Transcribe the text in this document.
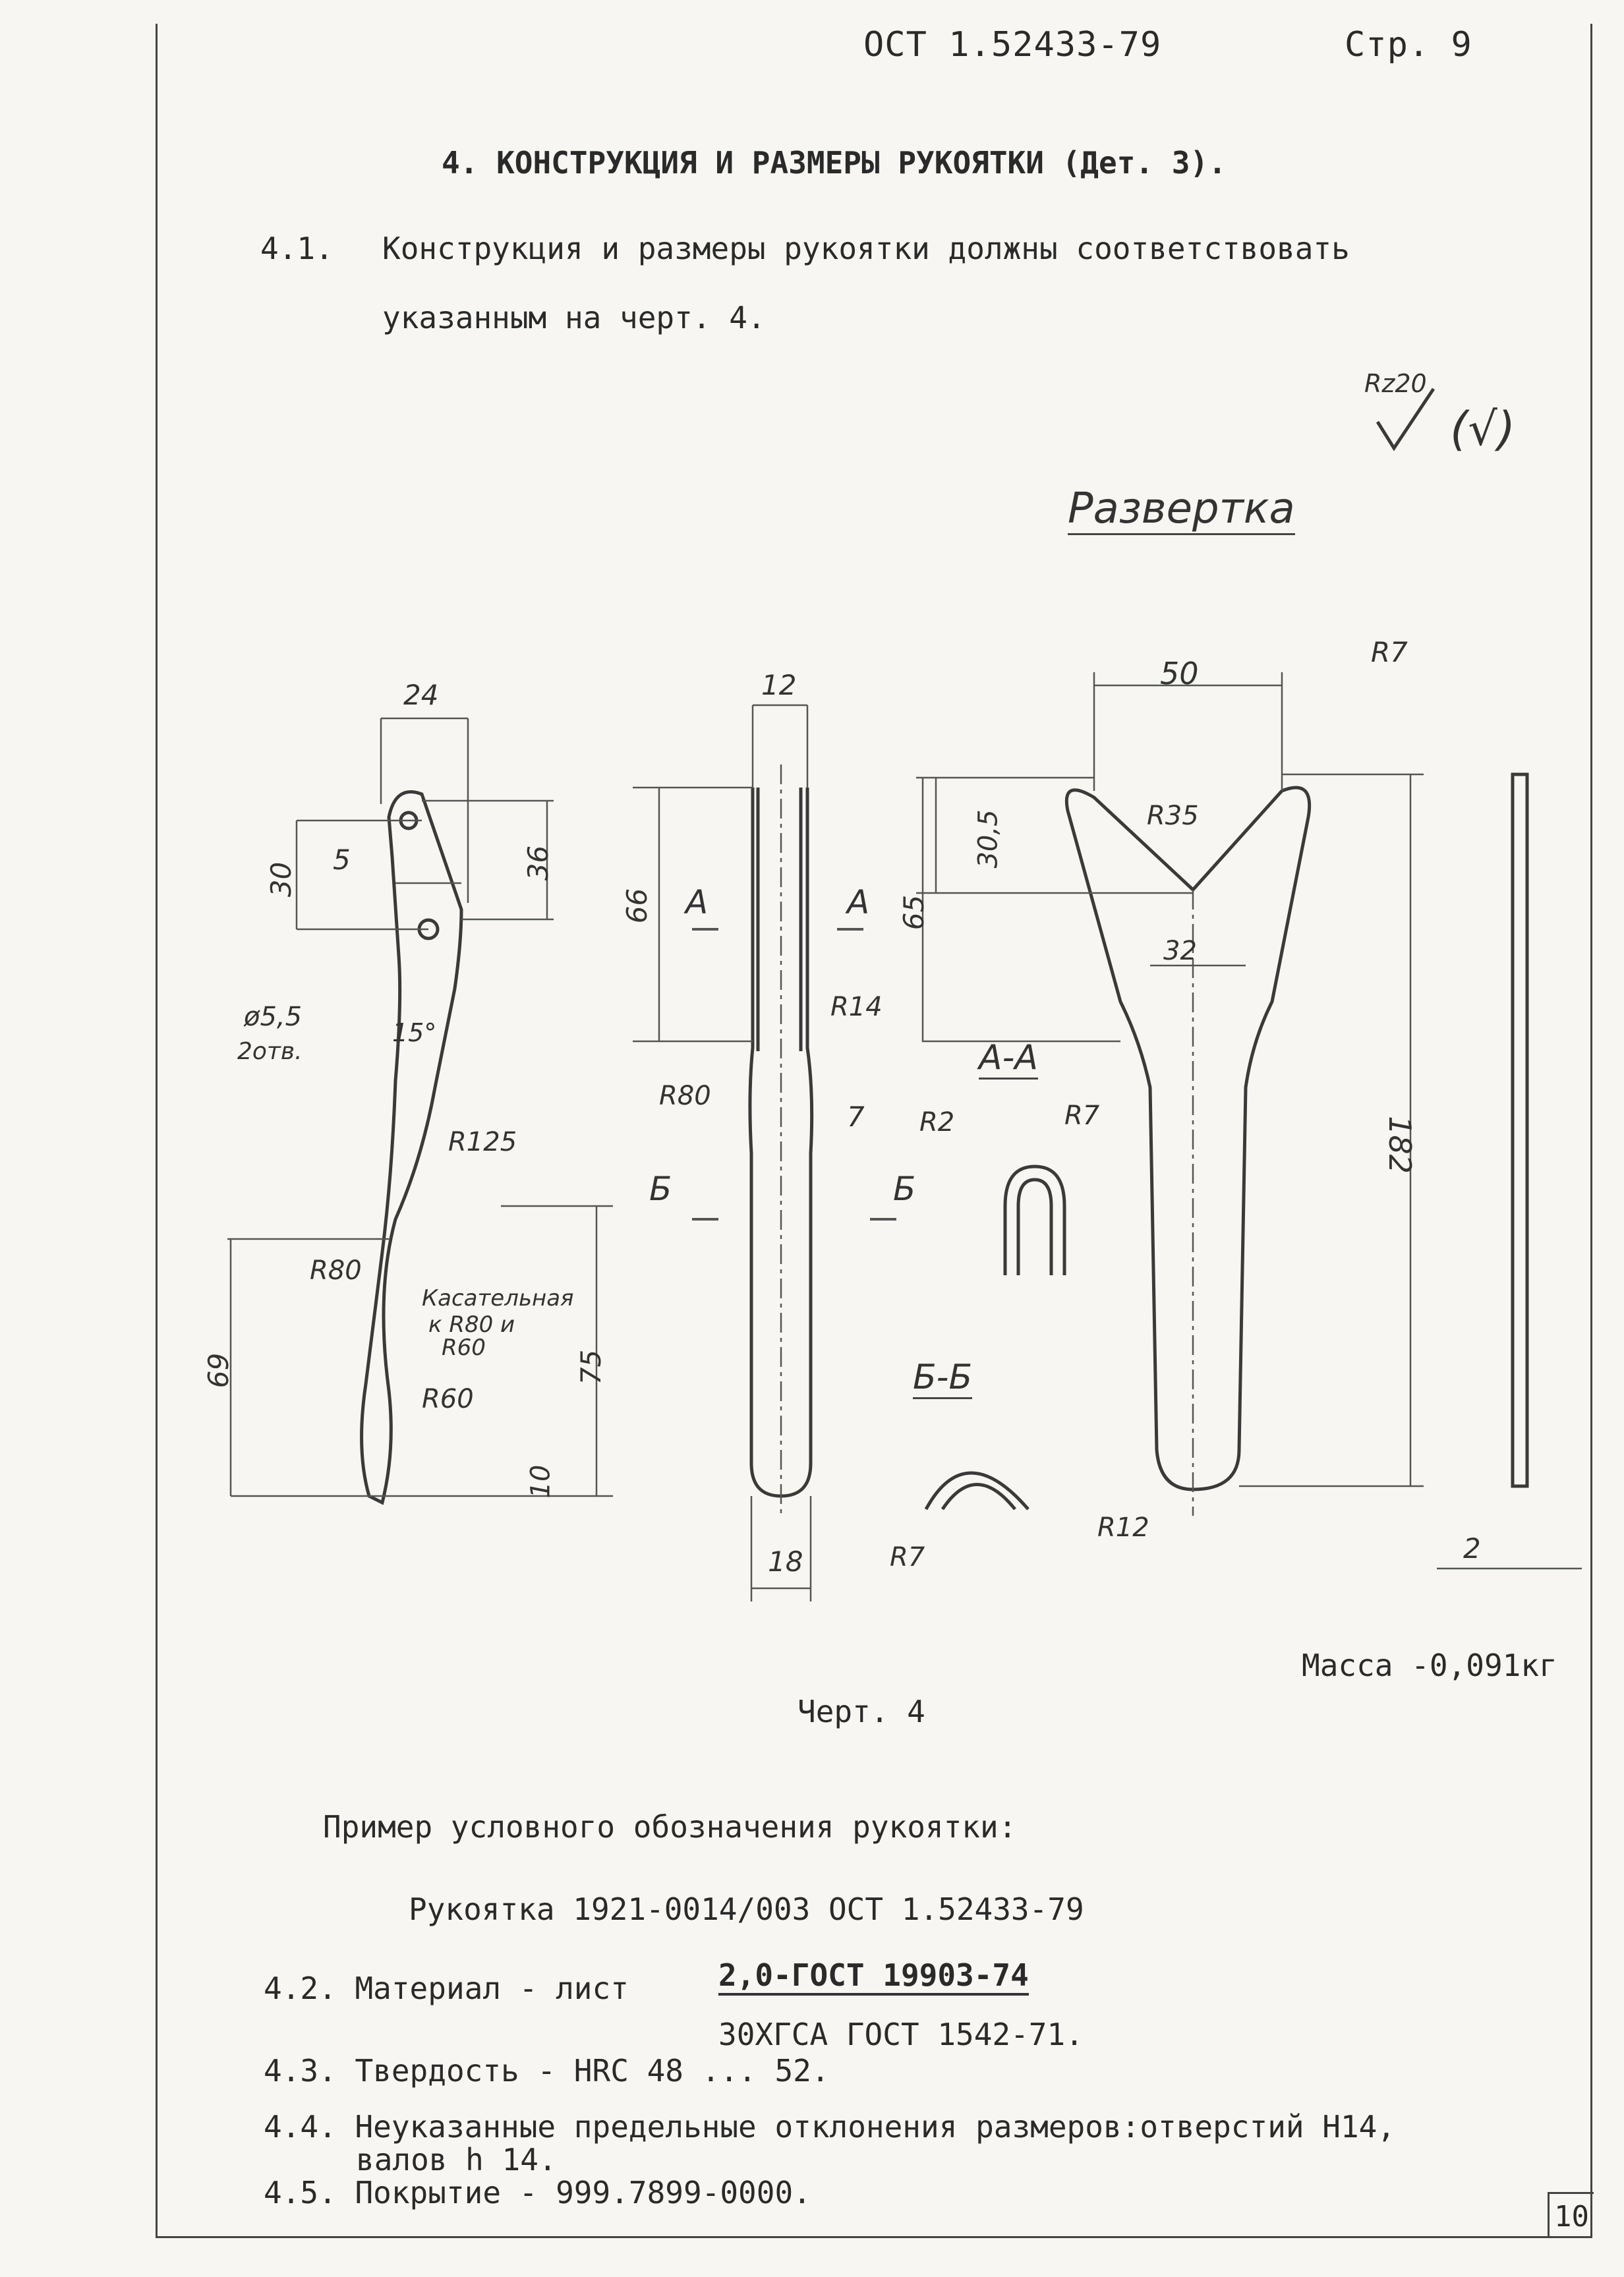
ОСТ 1.52433-79	Стр. 9
4. КОНСТРУКЦИЯ И РАЗМЕРЫ РУКОЯТКИ (Дет. 3).
4.1. Конструкция и размеры рукоятки должны соответствовать
указанным на черт. 4.
Rz20
(√)
Развертка
24
30
5	36
ø5,5
2отв.
15°
R125
R80
Касательная
к R80 и
R60
R60
69	75
10
12
66 A	A
R14
R80
7
Б	Б
18
50
R7
R35
30,5
65
32
182
R12
2
А-А
R2	R7
Б-Б
R7
Масса -0,091кг
Черт. 4
Пример условного обозначения рукоятки:
Рукоятка 1921-0014/003 ОСТ 1.52433-79
4.2. Материал - лист	2,0-ГОСТ 19903-74
30ХГСА ГОСТ 1542-71.
4.3. Твердость - HRC 48 ... 52.
4.4. Неуказанные предельные отклонения размеров:отверстий Н14,
валов h 14.
4.5. Покрытие - 999.7899-0000.
10
